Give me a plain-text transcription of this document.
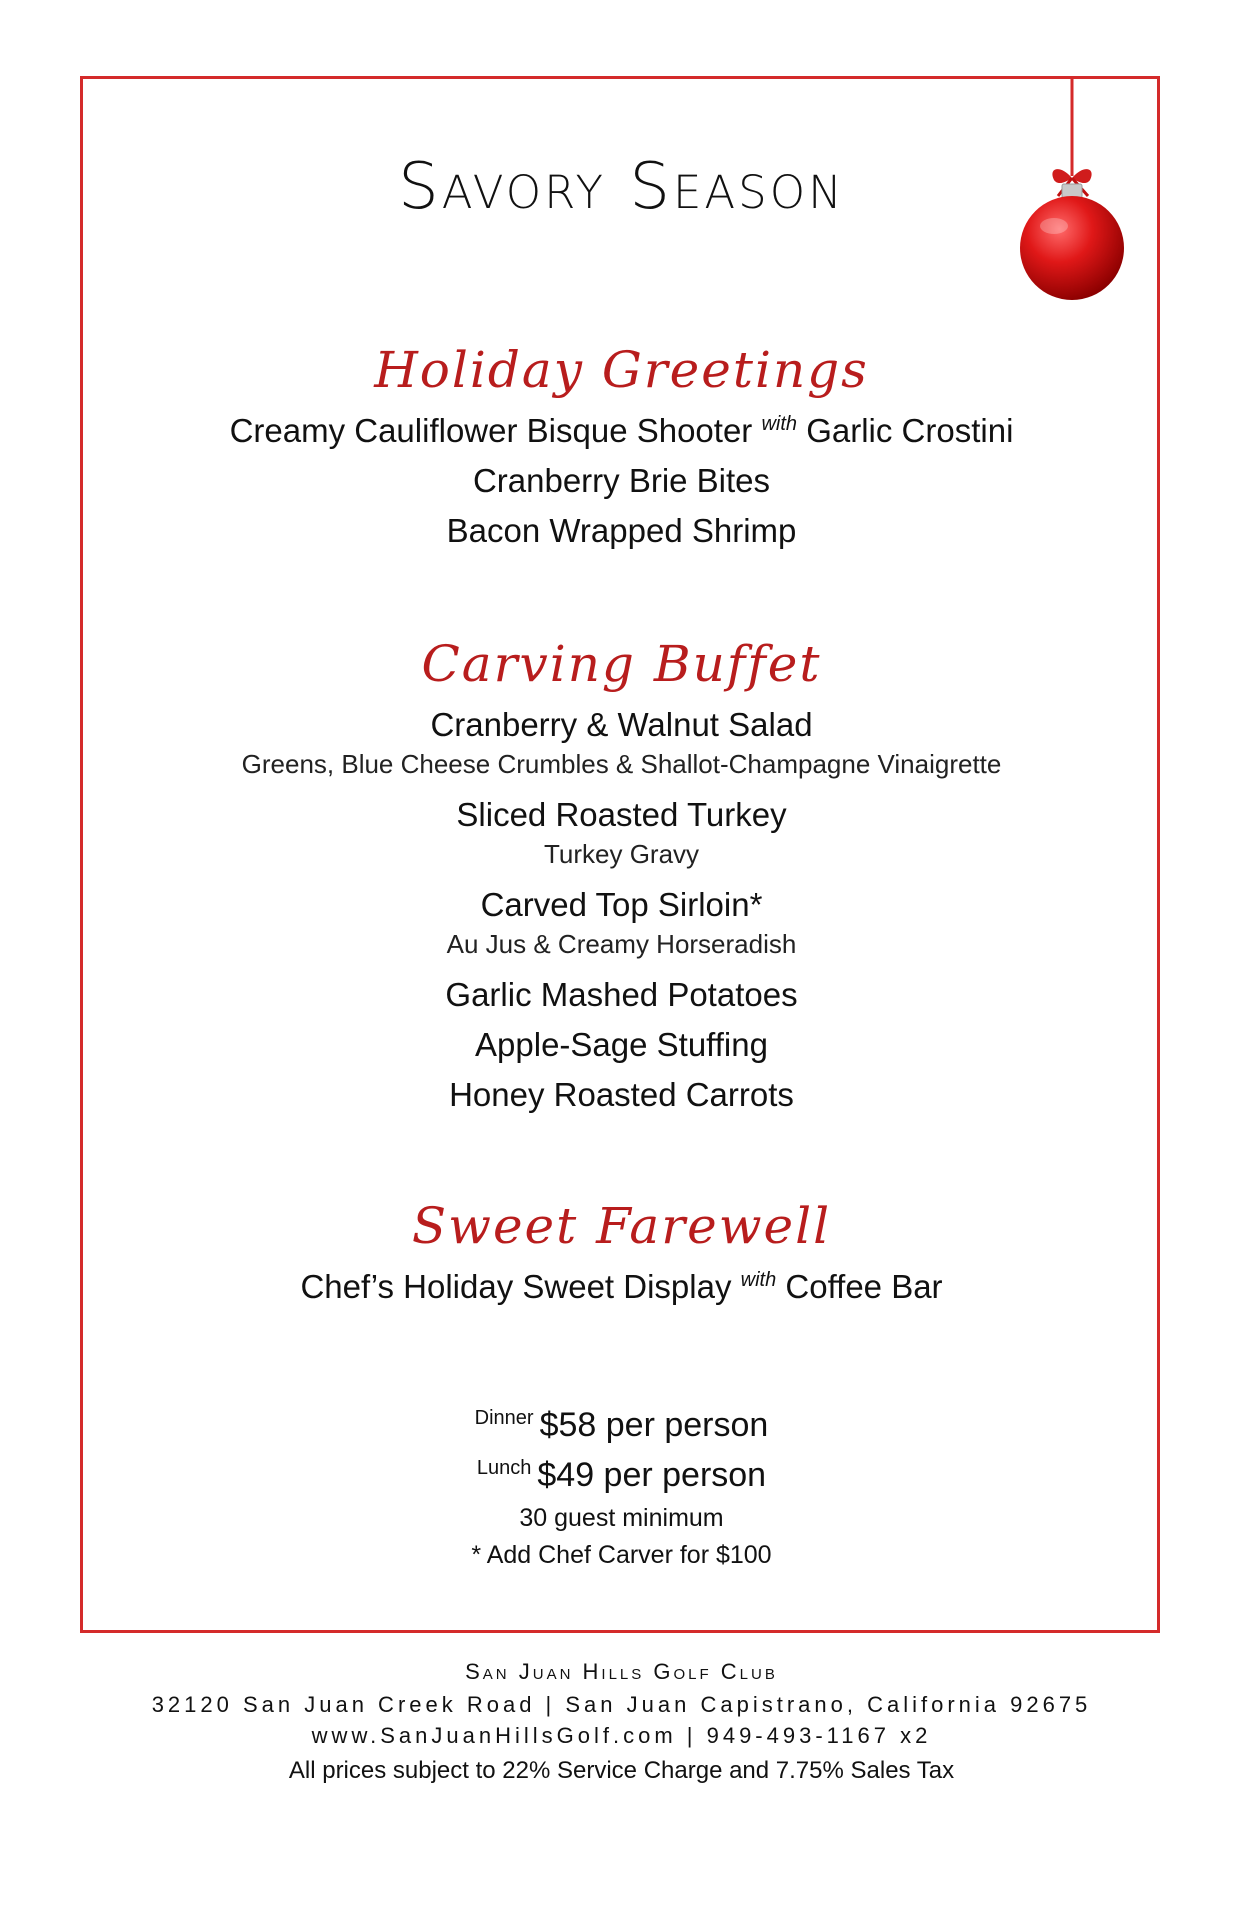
Savory Season
Holiday Greetings
Creamy Cauliflower Bisque Shooter $^{with}$ Garlic Crostini
Cranberry Brie Bites
Bacon Wrapped Shrimp
Carving Buffet
Cranberry & Walnut Salad
Greens, Blue Cheese Crumbles & Shallot-Champagne Vinaigrette
Sliced Roasted Turkey
Turkey Gravy
Carved Top Sirloin*
Au Jus & Creamy Horseradish
Garlic Mashed Potatoes
Apple-Sage Stuffing
Honey Roasted Carrots
Sweet Farewell
Chef’s Holiday Sweet Display $^{with}$ Coffee Bar
$^{Dinner}$ $58 per person
$^{Lunch}$ $49 per person
30 guest minimum
* Add Chef Carver for $100
San Juan Hills Golf Club
32120 San Juan Creek Road | San Juan Capistrano, California 92675
www.SanJuanHillsGolf.com | 949-493-1167 x2
All prices subject to 22% Service Charge and 7.75% Sales Tax
